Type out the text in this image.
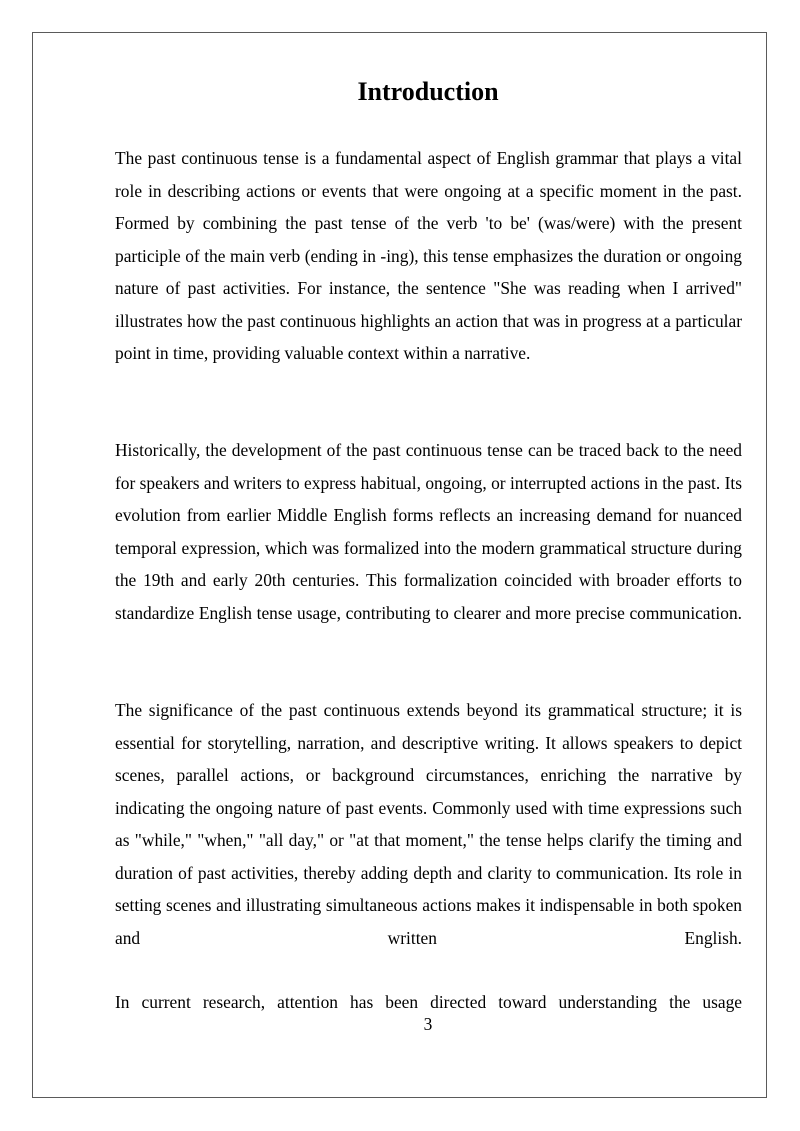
Introduction

The past continuous tense is a fundamental aspect of English grammar that plays a vital role in describing actions or events that were ongoing at a specific moment in the past. Formed by combining the past tense of the verb 'to be' (was/were) with the present participle of the main verb (ending in -ing), this tense emphasizes the duration or ongoing nature of past activities. For instance, the sentence "She was reading when I arrived" illustrates how the past continuous highlights an action that was in progress at a particular point in time, providing valuable context within a narrative.

Historically, the development of the past continuous tense can be traced back to the need for speakers and writers to express habitual, ongoing, or interrupted actions in the past. Its evolution from earlier Middle English forms reflects an increasing demand for nuanced temporal expression, which was formalized into the modern grammatical structure during the 19th and early 20th centuries. This formalization coincided with broader efforts to standardize English tense usage, contributing to clearer and more precise communication.

The significance of the past continuous extends beyond its grammatical structure; it is essential for storytelling, narration, and descriptive writing. It allows speakers to depict scenes, parallel actions, or background circumstances, enriching the narrative by indicating the ongoing nature of past events. Commonly used with time expressions such as "while," "when," "all day," or "at that moment," the tense helps clarify the timing and duration of past activities, thereby adding depth and clarity to communication. Its role in setting scenes and illustrating simultaneous actions makes it indispensable in both spoken and written English.

In current research, attention has been directed toward understanding the usage

3
